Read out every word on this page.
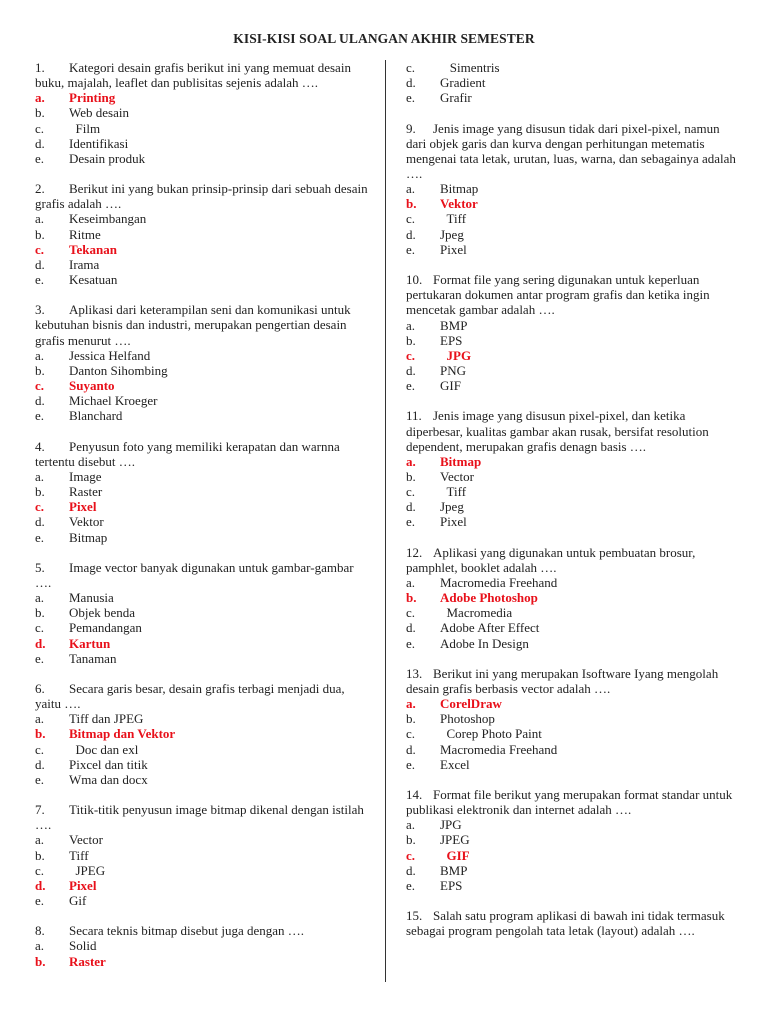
KISI-KISI SOAL ULANGAN AKHIR SEMESTER
1. Kategori desain grafis berikut ini yang memuat desain buku, majalah, leaflet dan publisitas sejenis adalah ….
a.	Printing
b.	Web desain
c.	Film
d.	Identifikasi
e.	Desain produk
2. Berikut ini yang bukan prinsip-prinsip dari sebuah desain grafis adalah ….
a.	Keseimbangan
b.	Ritme
c.	Tekanan
d.	Irama
e.	Kesatuan
3. Aplikasi dari keterampilan seni dan komunikasi untuk kebutuhan bisnis dan industri, merupakan pengertian desain grafis menurut ….
a.	Jessica Helfand
b.	Danton Sihombing
c.	Suyanto
d.	Michael Kroeger
e.	Blanchard
4. Penyusun foto yang memiliki kerapatan dan warnna tertentu disebut ….
a.	Image
b.	Raster
c.	Pixel
d.	Vektor
e.	Bitmap
5. Image vector banyak digunakan untuk gambar-gambar ….
a.	Manusia
b.	Objek benda
c.	Pemandangan
d.	Kartun
e.	Tanaman
6. Secara garis besar, desain grafis terbagi menjadi dua, yaitu ….
a.	Tiff dan JPEG
b.	Bitmap dan Vektor
c.	Doc dan exl
d.	Pixcel dan titik
e.	Wma dan docx
7. Titik-titik penyusun image bitmap dikenal dengan istilah ….
a.	Vector
b.	Tiff
c.	JPEG
d.	Pixel
e.	Gif
8. Secara teknis bitmap disebut juga dengan ….
a.	Solid
b.	Raster
c.	Simentris
d.	Gradient
e.	Grafir
9. Jenis image yang disusun tidak dari pixel-pixel, namun dari objek garis dan kurva dengan perhitungan metematis mengenai tata letak, urutan, luas, warna, dan sebagainya adalah ….
a.	Bitmap
b.	Vektor
c.	Tiff
d.	Jpeg
e.	Pixel
10. Format file yang sering digunakan untuk keperluan pertukaran dokumen antar program grafis dan ketika ingin mencetak gambar adalah ….
a.	BMP
b.	EPS
c.	JPG
d.	PNG
e.	GIF
11. Jenis image yang disusun pixel-pixel, dan ketika diperbesar, kualitas gambar akan rusak, bersifat resolution dependent, merupakan grafis denagn basis ….
a.	Bitmap
b.	Vector
c.	Tiff
d.	Jpeg
e.	Pixel
12. Aplikasi yang digunakan untuk pembuatan brosur, pamphlet, booklet adalah ….
a.	Macromedia Freehand
b.	Adobe Photoshop
c.	Macromedia
d.	Adobe After Effect
e.	Adobe In Design
13. Berikut ini yang merupakan Isoftware Iyang mengolah desain grafis berbasis vector adalah ….
a.	CorelDraw
b.	Photoshop
c.	Corep Photo Paint
d.	Macromedia Freehand
e.	Excel
14. Format file berikut yang merupakan format standar untuk publikasi elektronik dan internet adalah ….
a.	JPG
b.	JPEG
c.	GIF
d.	BMP
e.	EPS
15. Salah satu program aplikasi di bawah ini tidak termasuk sebagai program pengolah tata letak (layout) adalah ….
